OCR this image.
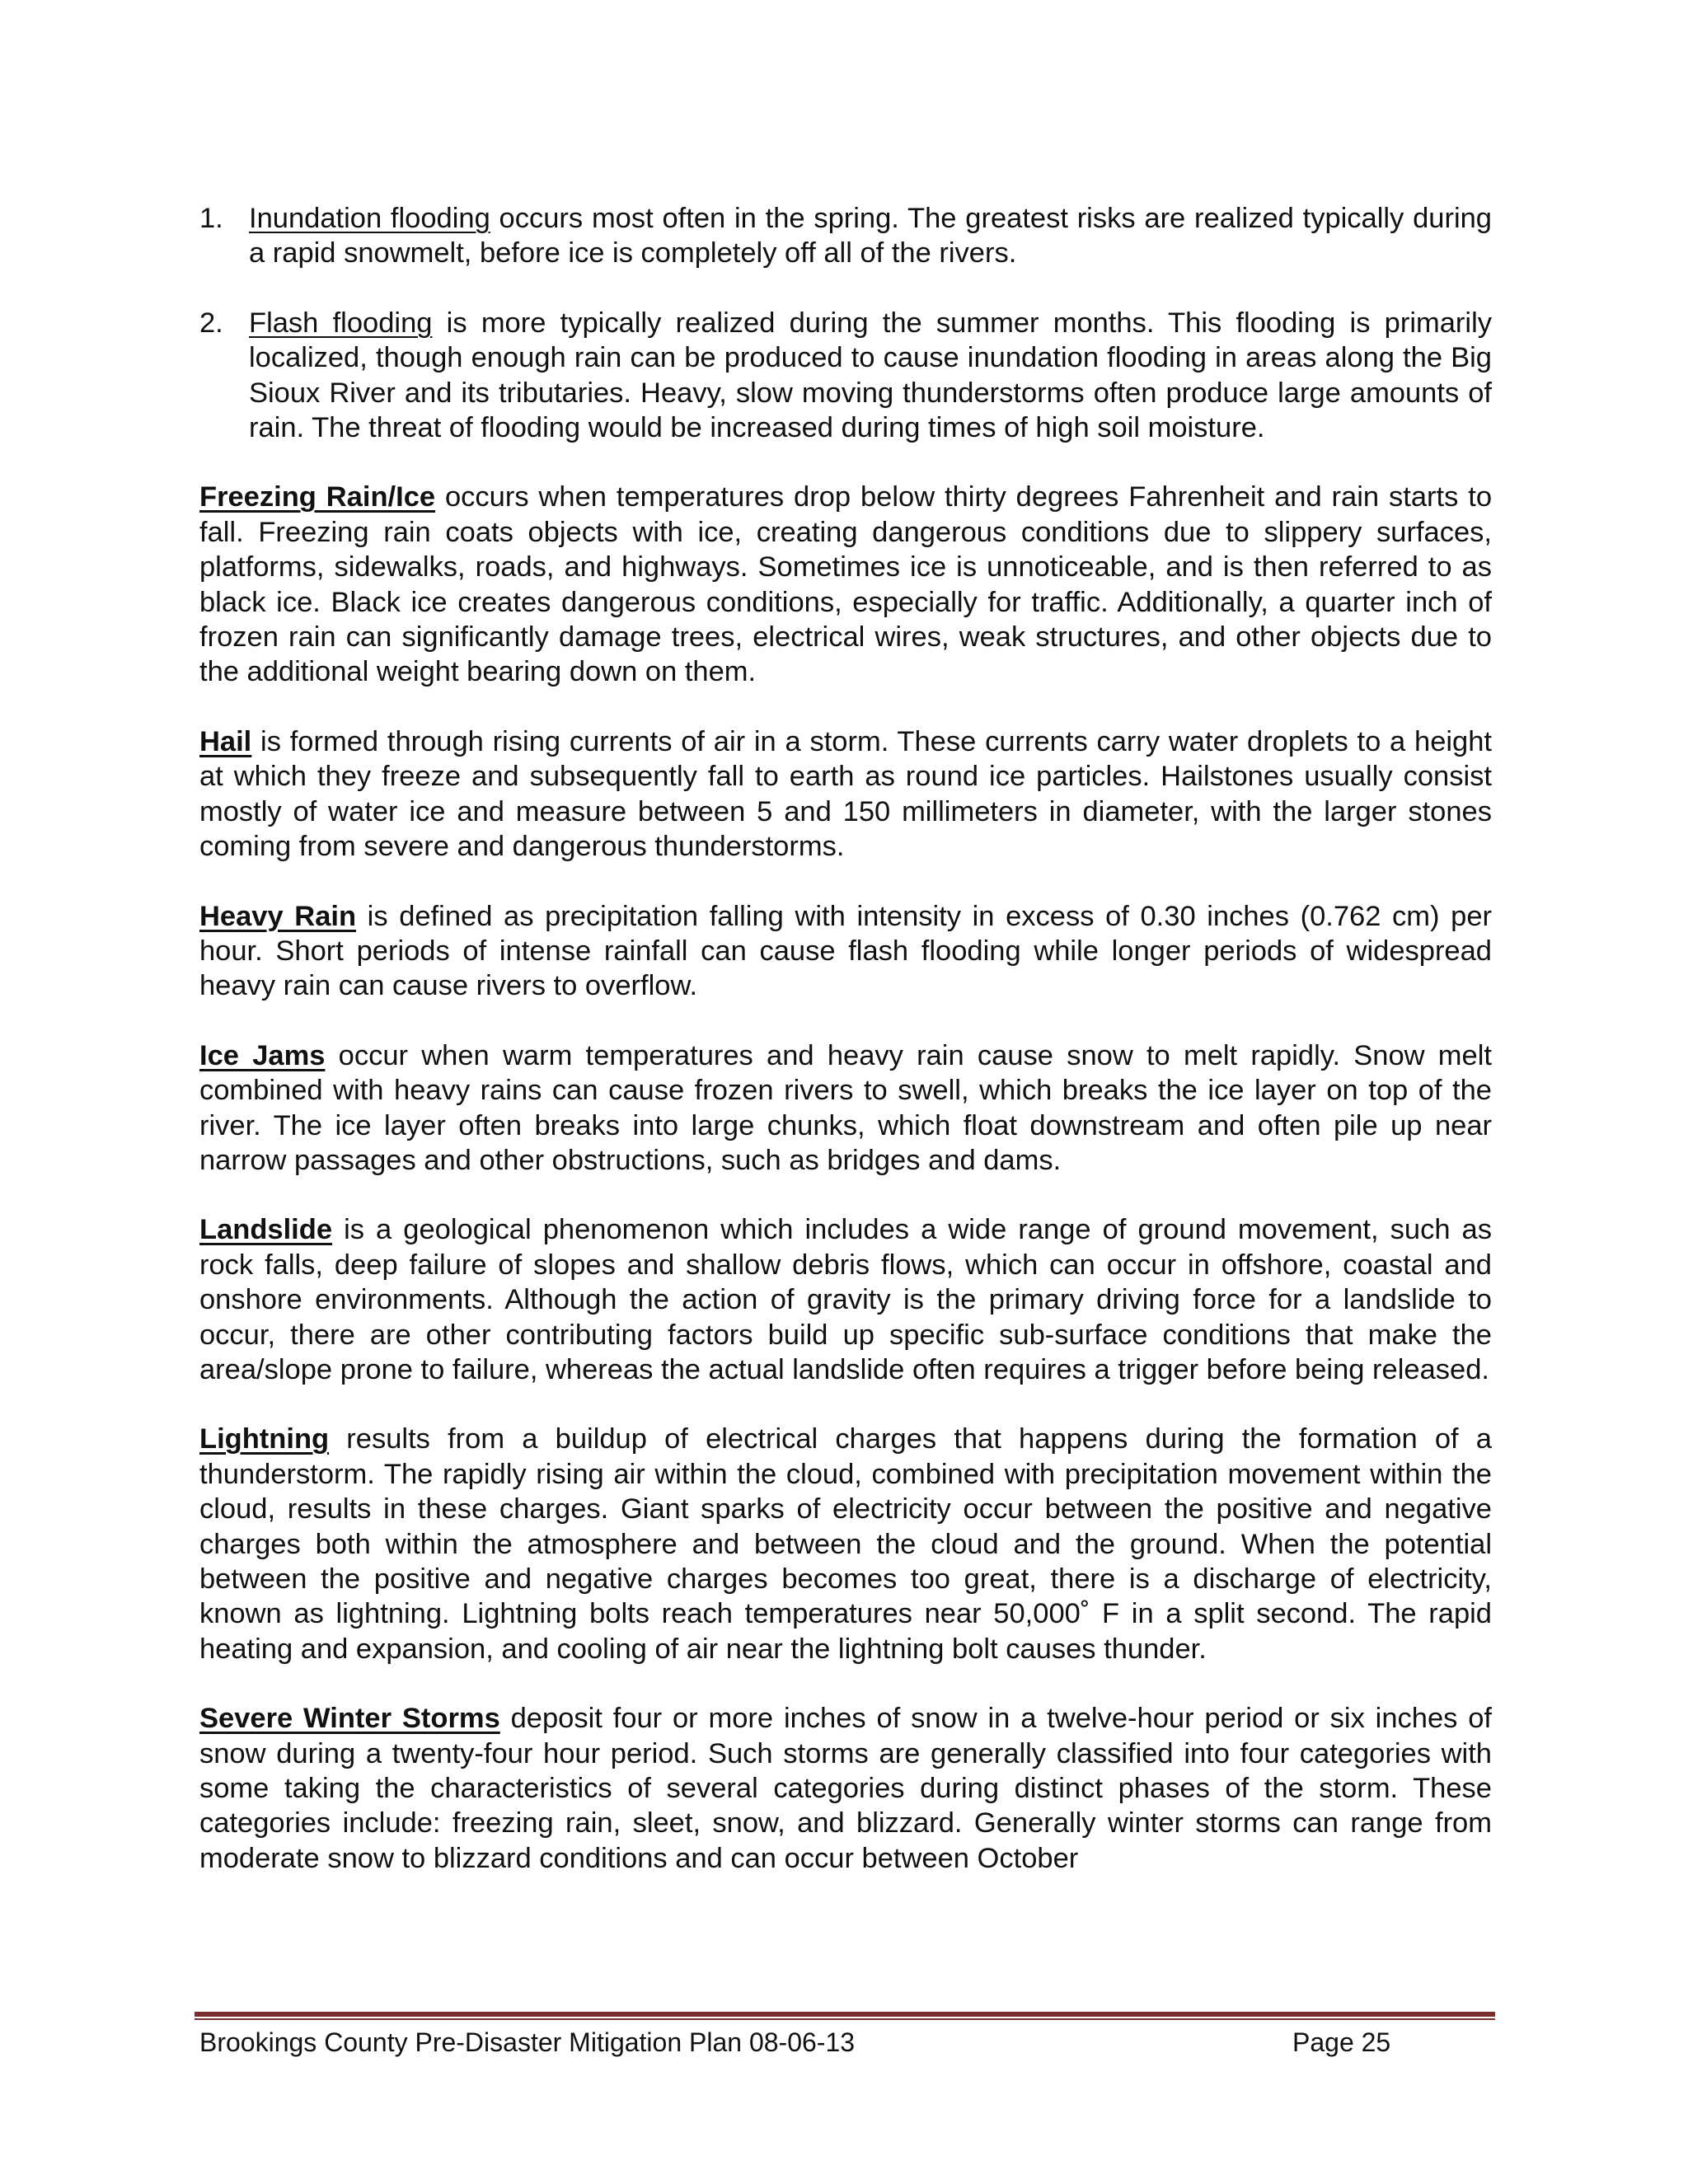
1. Inundation flooding occurs most often in the spring. The greatest risks are realized typically during a rapid snowmelt, before ice is completely off all of the rivers.
2. Flash flooding is more typically realized during the summer months. This flooding is primarily localized, though enough rain can be produced to cause inundation flooding in areas along the Big Sioux River and its tributaries. Heavy, slow moving thunderstorms often produce large amounts of rain. The threat of flooding would be increased during times of high soil moisture.

Freezing Rain/Ice occurs when temperatures drop below thirty degrees Fahrenheit and rain starts to fall. Freezing rain coats objects with ice, creating dangerous conditions due to slippery surfaces, platforms, sidewalks, roads, and highways. Sometimes ice is unnoticeable, and is then referred to as black ice. Black ice creates dangerous conditions, especially for traffic. Additionally, a quarter inch of frozen rain can significantly damage trees, electrical wires, weak structures, and other objects due to the additional weight bearing down on them.

Hail is formed through rising currents of air in a storm. These currents carry water droplets to a height at which they freeze and subsequently fall to earth as round ice particles. Hailstones usually consist mostly of water ice and measure between 5 and 150 millimeters in diameter, with the larger stones coming from severe and dangerous thunderstorms.

Heavy Rain is defined as precipitation falling with intensity in excess of 0.30 inches (0.762 cm) per hour. Short periods of intense rainfall can cause flash flooding while longer periods of widespread heavy rain can cause rivers to overflow.

Ice Jams occur when warm temperatures and heavy rain cause snow to melt rapidly. Snow melt combined with heavy rains can cause frozen rivers to swell, which breaks the ice layer on top of the river. The ice layer often breaks into large chunks, which float downstream and often pile up near narrow passages and other obstructions, such as bridges and dams.

Landslide is a geological phenomenon which includes a wide range of ground movement, such as rock falls, deep failure of slopes and shallow debris flows, which can occur in offshore, coastal and onshore environments. Although the action of gravity is the primary driving force for a landslide to occur, there are other contributing factors build up specific sub-surface conditions that make the area/slope prone to failure, whereas the actual landslide often requires a trigger before being released.

Lightning results from a buildup of electrical charges that happens during the formation of a thunderstorm. The rapidly rising air within the cloud, combined with precipitation movement within the cloud, results in these charges. Giant sparks of electricity occur between the positive and negative charges both within the atmosphere and between the cloud and the ground. When the potential between the positive and negative charges becomes too great, there is a discharge of electricity, known as lightning. Lightning bolts reach temperatures near 50,000˚ F in a split second. The rapid heating and expansion, and cooling of air near the lightning bolt causes thunder.

Severe Winter Storms deposit four or more inches of snow in a twelve-hour period or six inches of snow during a twenty-four hour period. Such storms are generally classified into four categories with some taking the characteristics of several categories during distinct phases of the storm. These categories include: freezing rain, sleet, snow, and blizzard. Generally winter storms can range from moderate snow to blizzard conditions and can occur between October

Brookings County Pre-Disaster Mitigation Plan 08-06-13	Page 25
